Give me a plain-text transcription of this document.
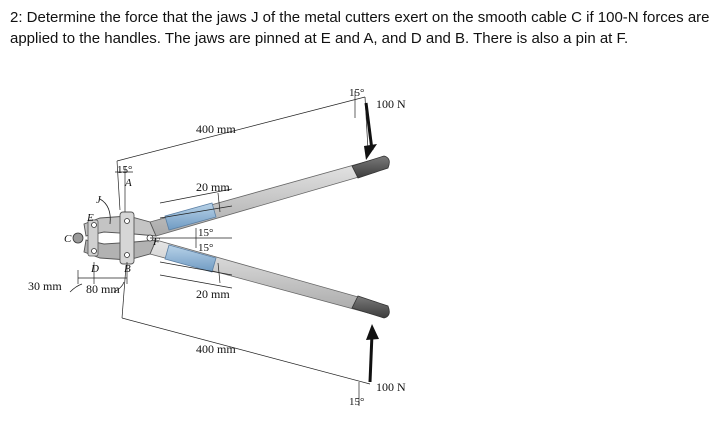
2: Determine the force that the jaws J of the metal cutters exert on the smooth cable C if 100-N forces are applied to the handles. The jaws are pinned at E and A, and D and B. There is also a pin at F.
400 mm
400 mm
20 mm
20 mm
30 mm 80 mm
15°
15°
15°
15°
15°
100 N
100 N
C
J
E
A
D B
F
